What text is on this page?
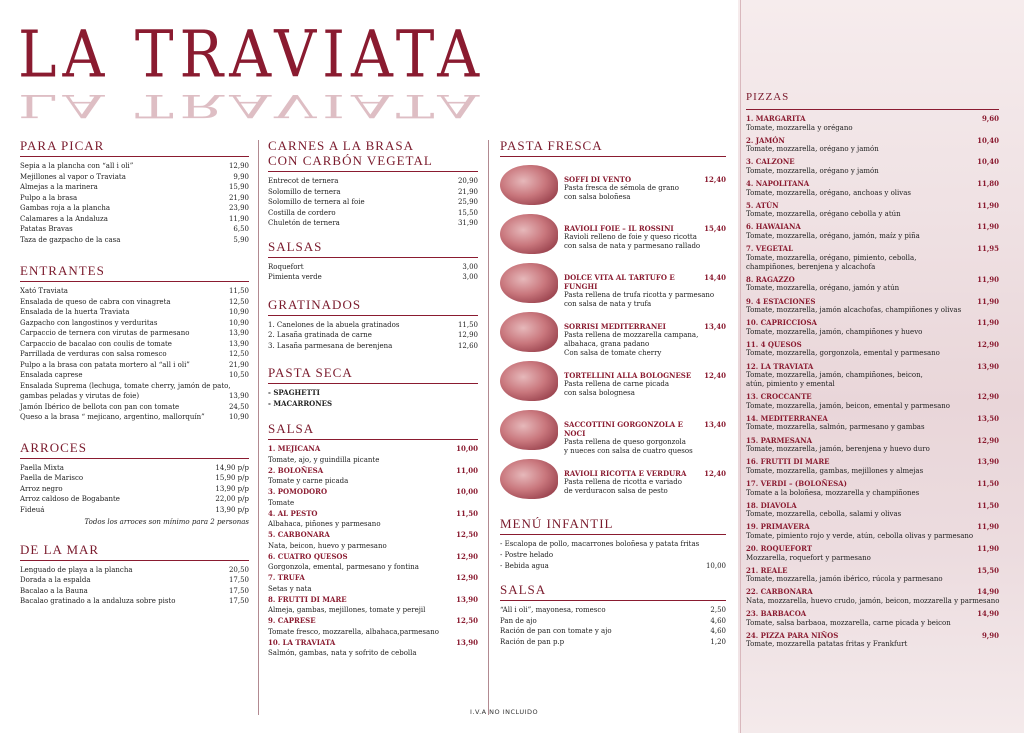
LA TRAVIATA
LA TRAVIATA
PARA PICAR
Sepia a la plancha con “all i oli”	12,90
Mejillones al vapor o Traviata	9,90
Almejas a la marinera	15,90
Pulpo a la brasa	21,90
Gambas roja a la plancha	23,90
Calamares a la Andaluza	11,90
Patatas Bravas	6,50
Taza de gazpacho de la casa	5,90
ENTRANTES
Xató Traviata	11,50
Ensalada de queso de cabra con vinagreta	12,50
Ensalada de la huerta Traviata	10,90
Gazpacho con langostinos y verduritas	10,90
Carpaccio de ternera con virutas de parmesano	13,90
Carpaccio de bacalao con coulis de tomate	13,90
Parrillada de verduras con salsa romesco	12,50
Pulpo a la brasa con patata mortero al “all i oli”	21,90
Ensalada caprese	10,50
Ensalada Suprema (lechuga, tomate cherry, jamón de pato,
gambas peladas y virutas de foie)	13,90
Jamón Ibérico de bellota con pan con tomate	24,50
Queso a la brasa “ mejicano, argentino, mallorquín”	10,90
ARROCES
Paella Mixta	14,90 p/p
Paella de Marisco	15,90 p/p
Arroz negro	13,90 p/p
Arroz caldoso de Bogabante	22,00 p/p
Fideuá	13,90 p/p
Todos los arroces son mínimo para 2 personas
DE LA MAR
Lenguado de playa a la plancha	20,50
Dorada a la espalda	17,50
Bacalao a la Bauna	17,50
Bacalao gratinado a la andaluza sobre pisto	17,50
CARNES A LA BRASA
CON CARBÓN VEGETAL
Entrecot de ternera	20,90
Solomillo de ternera	21,90
Solomillo de ternera al foie	25,90
Costilla de cordero	15,50
Chuletón de ternera	31,90
SALSAS
Roquefort	3,00
Pimienta verde	3,00
GRATINADOS
1. Canelones de la abuela gratinados	11,50
2. Lasaña gratinada de carne	12,90
3. Lasaña parmesana de berenjena	12,60
PASTA SECA
- SPAGHETTI
- MACARRONES
SALSA
1. MEJICANA	10,00
Tomate, ajo, y guindilla picante
2. BOLOÑESA	11,00
Tomate y carne picada
3. POMODORO	10,00
Tomate
4. AL PESTO	11,50
Albahaca, piñones y parmesano
5. CARBONARA	12,50
Nata, beicon, huevo y parmesano
6. CUATRO QUESOS	12,90
Gorgonzola, emental, parmesano y fontina
7. TRUFA	12,90
Setas y nata
8. FRUTTI DI MARE	13,90
Almeja, gambas, mejillones, tomate y perejil
9. CAPRESE	12,50
Tomate fresco, mozzarella, albahaca,parmesano
10. LA TRAVIATA	13,90
Salmón, gambas, nata y sofrito de cebolla
PASTA FRESCA
SOFFI DI VENTO	12,40
Pasta fresca de sémola de grano
con salsa boloñesa
RAVIOLI FOIE – IL ROSSINI	15,40
Ravioli relleno de foie y queso ricotta
con salsa de nata y parmesano rallado
DOLCE VITA AL TARTUFO E FUNGHI
14,40
Pasta rellena de trufa ricotta y parmesano
con salsa de nata y trufa
SORRISI MEDITERRANEI	13,40
Pasta rellena de mozzarella campana,
albahaca, grana padano
Con salsa de tomate cherry
TORTELLINI ALLA BOLOGNESE 12,40
Pasta rellena de carne picada
con salsa bolognesa
SACCOTTINI GORGONZOLA E NOCI
13,40
Pasta rellena de queso gorgonzola
y nueces con salsa de cuatro quesos
RAVIOLI RICOTTA E VERDURA	12,40
Pasta rellena de ricotta e variado
de verduracon salsa de pesto
MENÚ INFANTIL
- Escalopa de pollo, macarrones boloñesa y patata fritas
- Postre helado
- Bebida agua	10,00
SALSA
“All i oli”, mayonesa, romesco	2,50
Pan de ajo	4,60
Ración de pan con tomate y ajo	4,60
Ración de pan p.p	1,20
PIZZAS
1. MARGARITA	9,60
Tomate, mozzarella y orégano
2. JAMÓN	10,40
Tomate, mozzarella, orégano y jamón
3. CALZONE	10,40
Tomate, mozzarella, orégano y jamón
4. NAPOLITANA	11,80
Tomate, mozzarella, orégano, anchoas y olivas
5. ATÚN	11,90
Tomate, mozzarella, orégano cebolla y atún
6. HAWAIANA	11,90
Tomate, mozzarella, orégano, jamón, maíz y piña
7. VEGETAL	11,95
Tomate, mozzarella, orégano, pimiento, cebolla,
champiñones, berenjena y alcachofa
8. RAGAZZO	11,90
Tomate, mozzarella, orégano, jamón y atún
9. 4 ESTACIONES	11,90
Tomate, mozzarella, jamón alcachofas, champiñones y olivas
10. CAPRICCIOSA	11,90
Tomate, mozzarella, jamón, champiñones y huevo
11. 4 QUESOS	12,90
Tomate, mozzarella, gorgonzola, emental y parmesano
12. LA TRAVIATA	13,90
Tomate, mozzarella, jamón, champiñones, beicon,
atún, pimiento y emental
13. CROCCANTE	12,90
Tomate, mozzarella, jamón, beicon, emental y parmesano
14. MEDITERRANEA	13,50
Tomate, mozzarella, salmón, parmesano y gambas
15. PARMESANA	12,90
Tomate, mozzarella, jamón, berenjena y huevo duro
16. FRUTTI DI MARE	13,90
Tomate, mozzarella, gambas, mejillones y almejas
17. VERDI – (BOLOÑESA)	11,50
Tomate a la boloñesa, mozzarella y champiñones
18. DIAVOLA	11,50
Tomate, mozzarella, cebolla, salami y olivas
19. PRIMAVERA	11,90
Tomate, pimiento rojo y verde, atún, cebolla olivas y parmesano
20. ROQUEFORT	11,90
Mozzarella, roquefort y parmesano
21. REALE	15,50
Tomate, mozzarella, jamón ibérico, rúcola y parmesano
22. CARBONARA	14,90
Nata, mozzarella, huevo crudo, jamón, beicon, mozzarella y parmesano
23. BARBACOA	14,90
Tomate, salsa barbaoa, mozzarella, carne picada y beicon
24. PIZZA PARA NIÑOS	9,90
Tomate, mozzarella patatas fritas y Frankfurt
I.V.A NO INCLUIDO
